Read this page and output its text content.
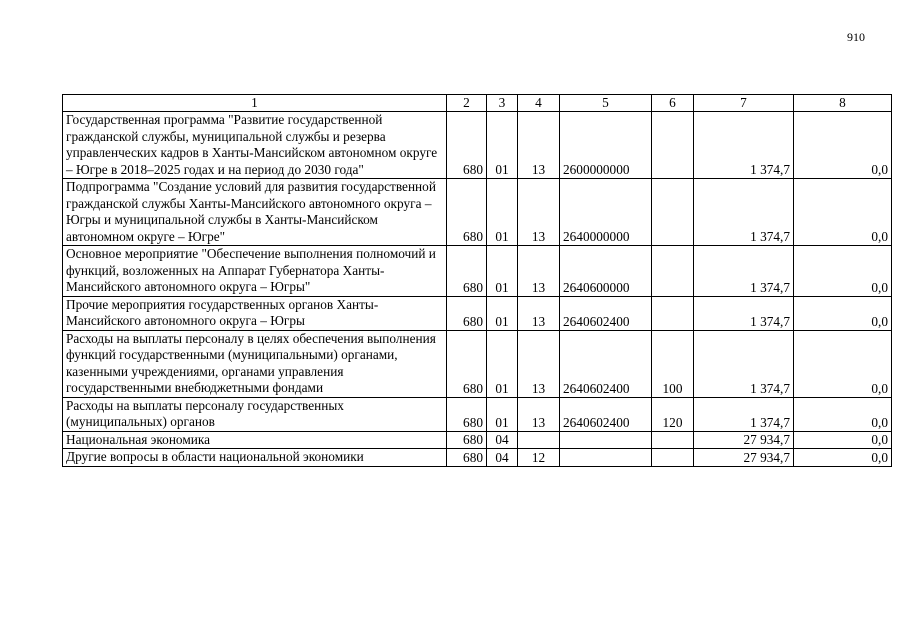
910
1	2	3	4	5	6	7	8
Государственная программа "Развитие государственной гражданской службы, муниципальной службы и резерва управленческих кадров в Ханты-Мансийском автономном округе – Югре в 2018–2025 годах и на период до 2030 года"	680	01	13	2600000000		1 374,7	0,0
Подпрограмма "Создание условий для развития государственной гражданской службы Ханты-Мансийского автономного округа – Югры и муниципальной службы в Ханты-Мансийском автономном округе – Югре"	680	01	13	2640000000		1 374,7	0,0
Основное мероприятие "Обеспечение выполнения полномочий и функций, возложенных на Аппарат Губернатора Ханты-Мансийского автономного округа – Югры"	680	01	13	2640600000		1 374,7	0,0
Прочие мероприятия государственных органов Ханты-Мансийского автономного округа – Югры	680	01	13	2640602400		1 374,7	0,0
Расходы на выплаты персоналу в целях обеспечения выполнения функций государственными (муниципальными) органами, казенными учреждениями, органами управления государственными внебюджетными фондами	680	01	13	2640602400	100	1 374,7	0,0
Расходы на выплаты персоналу государственных (муниципальных) органов	680	01	13	2640602400	120	1 374,7	0,0
Национальная экономика	680	04				27 934,7	0,0
Другие вопросы в области национальной экономики	680	04	12			27 934,7	0,0
